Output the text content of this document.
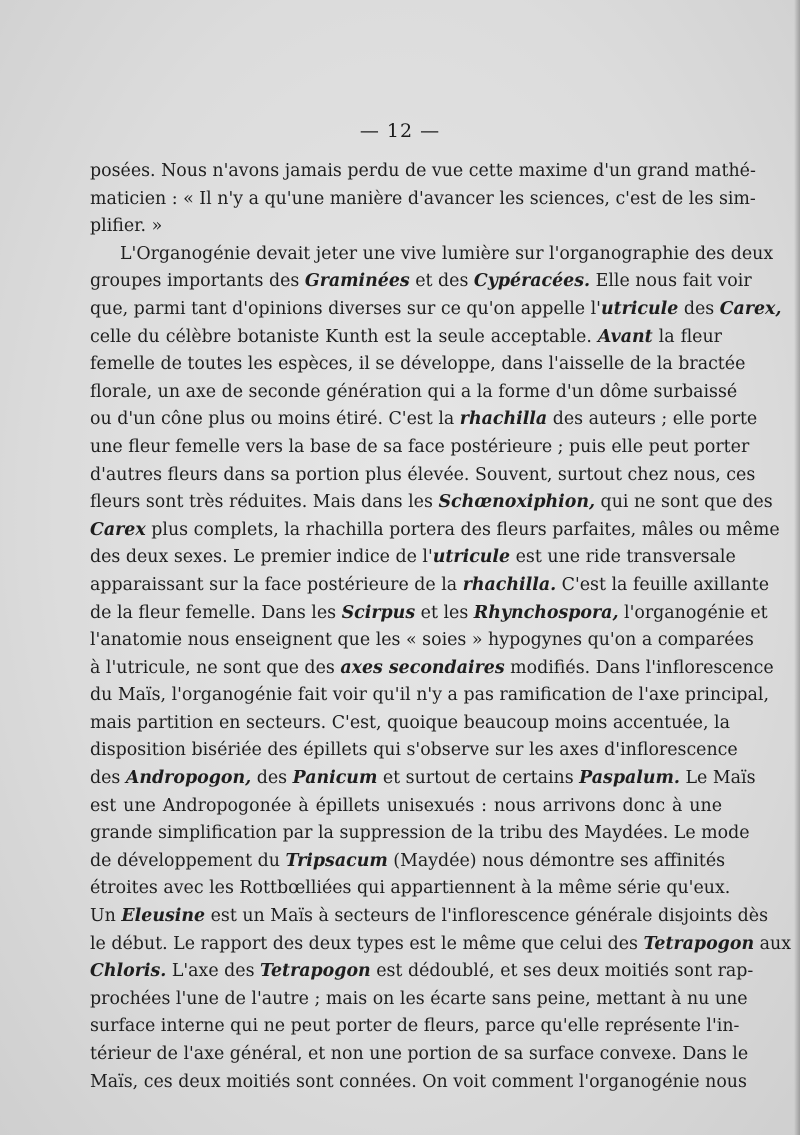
— 12 —
posées. Nous n'avons jamais perdu de vue cette maxime d'un grand mathé-
maticien : « Il n'y a qu'une manière d'avancer les sciences, c'est de les sim-
plifier. »
L'Organogénie devait jeter une vive lumière sur l'organographie des deux
groupes importants des Graminées et des Cypéracées. Elle nous fait voir
que, parmi tant d'opinions diverses sur ce qu'on appelle l'utricule des Carex,
celle du célèbre botaniste Kunth est la seule acceptable. Avant la fleur
femelle de toutes les espèces, il se développe, dans l'aisselle de la bractée
florale, un axe de seconde génération qui a la forme d'un dôme surbaissé
ou d'un cône plus ou moins étiré. C'est la rhachilla des auteurs ; elle porte
une fleur femelle vers la base de sa face postérieure ; puis elle peut porter
d'autres fleurs dans sa portion plus élevée. Souvent, surtout chez nous, ces
fleurs sont très réduites. Mais dans les Schœnoxiphion, qui ne sont que des
Carex plus complets, la rhachilla portera des fleurs parfaites, mâles ou même
des deux sexes. Le premier indice de l'utricule est une ride transversale
apparaissant sur la face postérieure de la rhachilla. C'est la feuille axillante
de la fleur femelle. Dans les Scirpus et les Rhynchospora, l'organogénie et
l'anatomie nous enseignent que les « soies » hypogynes qu'on a comparées
à l'utricule, ne sont que des axes secondaires modifiés. Dans l'inflorescence
du Maïs, l'organogénie fait voir qu'il n'y a pas ramification de l'axe principal,
mais partition en secteurs. C'est, quoique beaucoup moins accentuée, la
disposition bisériée des épillets qui s'observe sur les axes d'inflorescence
des Andropogon, des Panicum et surtout de certains Paspalum. Le Maïs
est une Andropogonée à épillets unisexués : nous arrivons donc à une
grande simplification par la suppression de la tribu des Maydées. Le mode
de développement du Tripsacum (Maydée) nous démontre ses affinités
étroites avec les Rottbœlliées qui appartiennent à la même série qu'eux.
Un Eleusine est un Maïs à secteurs de l'inflorescence générale disjoints dès
le début. Le rapport des deux types est le même que celui des Tetrapogon aux
Chloris. L'axe des Tetrapogon est dédoublé, et ses deux moitiés sont rap-
prochées l'une de l'autre ; mais on les écarte sans peine, mettant à nu une
surface interne qui ne peut porter de fleurs, parce qu'elle représente l'in-
térieur de l'axe général, et non une portion de sa surface convexe. Dans le
Maïs, ces deux moitiés sont connées. On voit comment l'organogénie nous
